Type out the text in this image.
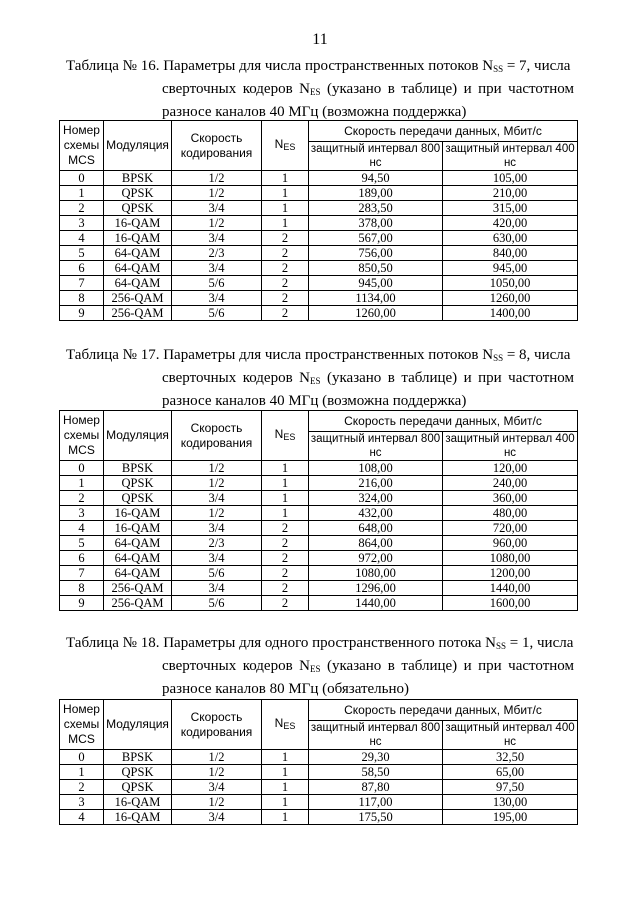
11
Таблица № 16. Параметры для числа пространственных потоков $N_{SS} = 7$, числа
сверточных кодеров $N_{ES}$ (указано в таблице) и при частотном
разносе каналов 40 МГц (возможна поддержка)
Номер схемы MCS	Модуляция	Скорость кодирования	$N_{ES}$	Скорость передачи данных, Мбит/с	
				защитный интервал 800 нс	защитный интервал 400 нс
0	BPSK	1/2	1	94,50	105,00
1	QPSK	1/2	1	189,00	210,00
2	QPSK	3/4	1	283,50	315,00
3	16-QAM	1/2	1	378,00	420,00
4	16-QAM	3/4	2	567,00	630,00
5	64-QAM	2/3	2	756,00	840,00
6	64-QAM	3/4	2	850,50	945,00
7	64-QAM	5/6	2	945,00	1050,00
8	256-QAM	3/4	2	1134,00	1260,00
9	256-QAM	5/6	2	1260,00	1400,00
Таблица № 17. Параметры для числа пространственных потоков $N_{SS} = 8$, числа
сверточных кодеров $N_{ES}$ (указано в таблице) и при частотном
разносе каналов 40 МГц (возможна поддержка)
Номер схемы MCS	Модуляция	Скорость кодирования	$N_{ES}$	Скорость передачи данных, Мбит/с	
				защитный интервал 800 нс	защитный интервал 400 нс
0	BPSK	1/2	1	108,00	120,00
1	QPSK	1/2	1	216,00	240,00
2	QPSK	3/4	1	324,00	360,00
3	16-QAM	1/2	1	432,00	480,00
4	16-QAM	3/4	2	648,00	720,00
5	64-QAM	2/3	2	864,00	960,00
6	64-QAM	3/4	2	972,00	1080,00
7	64-QAM	5/6	2	1080,00	1200,00
8	256-QAM	3/4	2	1296,00	1440,00
9	256-QAM	5/6	2	1440,00	1600,00
Таблица № 18. Параметры для одного пространственного потока $N_{SS} = 1$, числа
сверточных кодеров $N_{ES}$ (указано в таблице) и при частотном
разносе каналов 80 МГц (обязательно)
Номер схемы MCS	Модуляция	Скорость кодирования	$N_{ES}$	Скорость передачи данных, Мбит/с	
				защитный интервал 800 нс	защитный интервал 400 нс
0	BPSK	1/2	1	29,30	32,50
1	QPSK	1/2	1	58,50	65,00
2	QPSK	3/4	1	87,80	97,50
3	16-QAM	1/2	1	117,00	130,00
4	16-QAM	3/4	1	175,50	195,00
